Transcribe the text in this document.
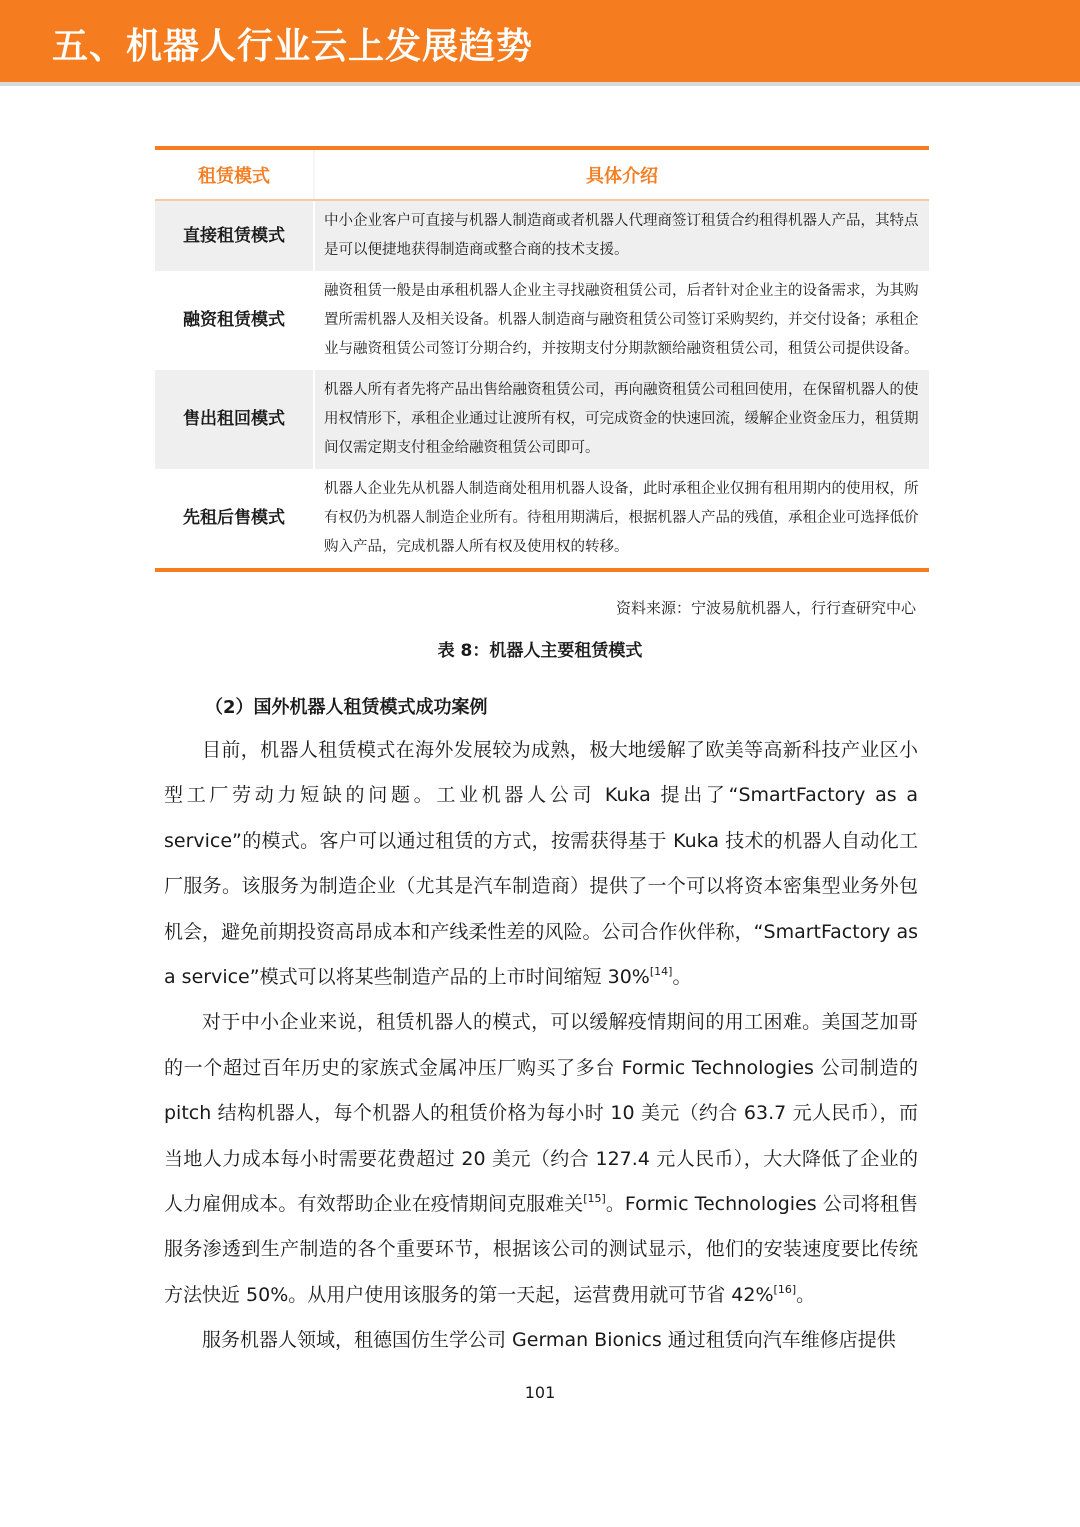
五、机器人行业云上发展趋势
租赁模式	具体介绍
直接租赁模式	中小企业客户可直接与机器人制造商或者机器人代理商签订租赁合约租得机器人产品，其特点是可以便捷地获得制造商或整合商的技术支援。
融资租赁模式	融资租赁一般是由承租机器人企业主寻找融资租赁公司，后者针对企业主的设备需求，为其购置所需机器人及相关设备。机器人制造商与融资租赁公司签订采购契约，并交付设备；承租企业与融资租赁公司签订分期合约，并按期支付分期款额给融资租赁公司，租赁公司提供设备。
售出租回模式	机器人所有者先将产品出售给融资租赁公司，再向融资租赁公司租回使用，在保留机器人的使用权情形下，承租企业通过让渡所有权，可完成资金的快速回流，缓解企业资金压力，租赁期间仅需定期支付租金给融资租赁公司即可。
先租后售模式	机器人企业先从机器人制造商处租用机器人设备，此时承租企业仅拥有租用期内的使用权，所有权仍为机器人制造企业所有。待租用期满后，根据机器人产品的残值，承租企业可选择低价购入产品，完成机器人所有权及使用权的转移。
资料来源：宁波易航机器人，行行查研究中心
表 8：机器人主要租赁模式
（2）国外机器人租赁模式成功案例

目前，机器人租赁模式在海外发展较为成熟，极大地缓解了欧美等高新科技产业区小型工厂劳动力短缺的问题。工业机器人公司 Kuka 提出了“SmartFactory as a service”的模式。客户可以通过租赁的方式，按需获得基于 Kuka 技术的机器人自动化工厂服务。该服务为制造企业（尤其是汽车制造商）提供了一个可以将资本密集型业务外包机会，避免前期投资高昂成本和产线柔性差的风险。公司合作伙伴称，“SmartFactory as a service”模式可以将某些制造产品的上市时间缩短 30%[14]。

对于中小企业来说，租赁机器人的模式，可以缓解疫情期间的用工困难。美国芝加哥的一个超过百年历史的家族式金属冲压厂购买了多台 Formic Technologies 公司制造的 pitch 结构机器人，每个机器人的租赁价格为每小时 10 美元（约合 63.7 元人民币），而当地人力成本每小时需要花费超过 20 美元（约合 127.4 元人民币），大大降低了企业的人力雇佣成本。有效帮助企业在疫情期间克服难关[15]。Formic Technologies 公司将租售服务渗透到生产制造的各个重要环节，根据该公司的测试显示，他们的安装速度要比传统方法快近 50%。从用户使用该服务的第一天起，运营费用就可节省 42%[16]。

服务机器人领域，租德国仿生学公司 German Bionics 通过租赁向汽车维修店提供

101
